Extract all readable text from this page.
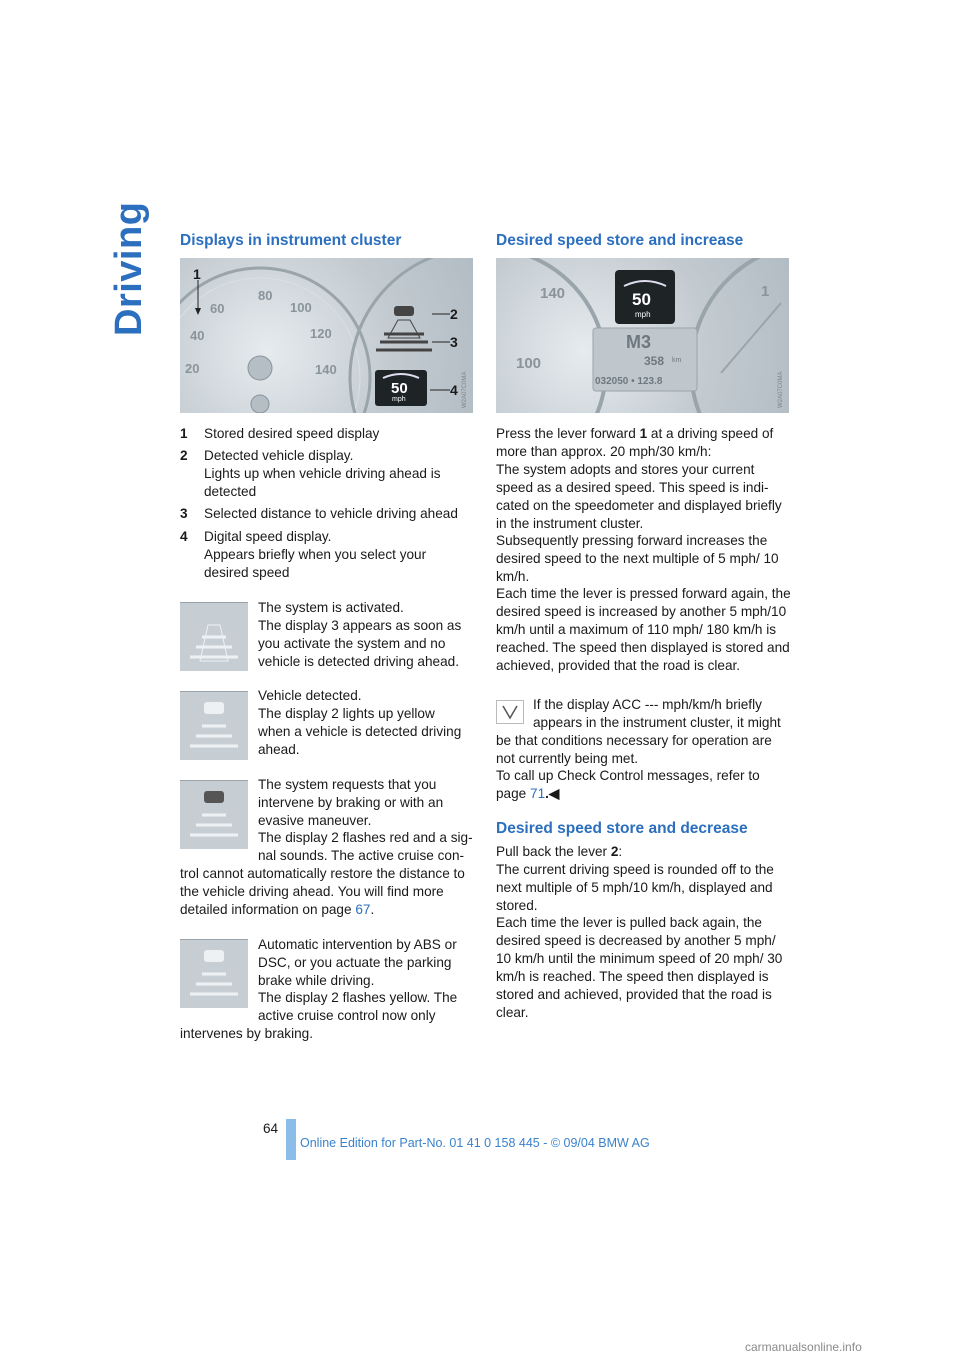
Driving Displays in instrument cluster
60
80
100
40	120
20	140
1
2
3
4
50
mph	W2A07C0MA
1 Stored desired speed display
2 Detected vehicle display.
Lights up when vehicle driving ahead is detected
3 Selected distance to vehicle driving ahead
4 Digital speed display.
Appears briefly when you select your desired speed
The system is activated.
The display 3 appears as soon as you activate the system and no vehicle is detected driving ahead.
Vehicle detected.
The display 2 lights up yellow when a vehicle is detected driving ahead.
The system requests that you intervene by braking or with an evasive maneuver.
The display 2 flashes red and a sig-
nal sounds. The active cruise con-
trol cannot automatically restore the distance to the vehicle driving ahead. You will find more detailed information on page 67.
Automatic intervention by ABS or DSC, or you actuate the parking brake while driving.
The display 2 flashes yellow. The active cruise control now only
intervenes by braking.
Desired speed store and increase
140
100
1
50
mph
M3
358 km
032050 • 123.8	W2A07C0MA
Press the lever forward 1 at a driving speed of more than approx. 20 mph/30 km/h:
The system adopts and stores your current speed as a desired speed. This speed is indi- cated on the speedometer and displayed briefly in the instrument cluster.
Subsequently pressing forward increases the desired speed to the next multiple of 5 mph/ 10 km/h.
Each time the lever is pressed forward again, the desired speed is increased by another 5 mph/10 km/h until a maximum of 110 mph/ 180 km/h is reached. The speed then displayed is stored and achieved, provided that the road is clear.
If the display ACC --- mph/km/h briefly appears in the instrument cluster, it might
be that conditions necessary for operation are not currently being met.
To call up Check Control messages, refer to page 71.◀
Desired speed store and decrease
Pull back the lever 2:
The current driving speed is rounded off to the next multiple of 5 mph/10 km/h, displayed and stored.
Each time the lever is pulled back again, the desired speed is decreased by another 5 mph/ 10 km/h until the minimum speed of 20 mph/ 30 km/h is reached. The speed then displayed is stored and achieved, provided that the road is clear.
64
Online Edition for Part-No. 01 41 0 158 445 - © 09/04 BMW AG
carmanualsonline.info
